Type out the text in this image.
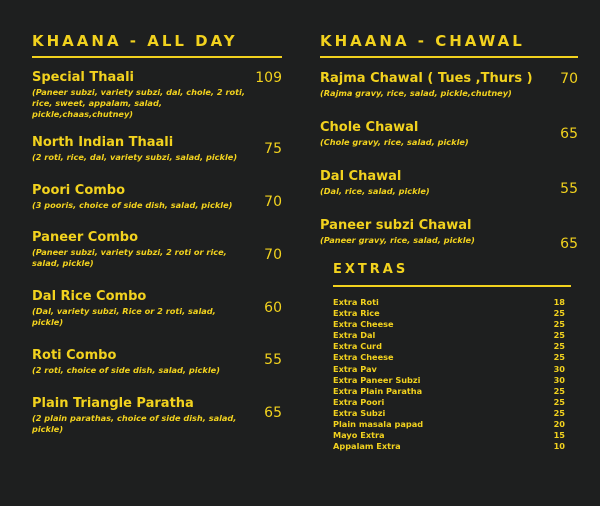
KHAANA - ALL DAY
Special Thaali
(Paneer subzi, variety subzi, dal, chole, 2 roti, rice, sweet, appalam, salad, pickle,chaas,chutney)
109
North Indian Thaali
(2 roti, rice, dal, variety subzi, salad, pickle)	75
Poori Combo
(3 pooris, choice of side dish, salad, pickle)	70
Paneer Combo
(Paneer subzi, variety subzi, 2 roti or rice, salad, pickle)	70
Dal Rice Combo
(Dal, variety subzi, Rice or 2 roti, salad, pickle)
60
Roti Combo
(2 roti, choice of side dish, salad, pickle)
55
Plain Triangle Paratha
(2 plain parathas, choice of side dish, salad, pickle)
65
KHAANA - CHAWAL
Rajma Chawal ( Tues ,Thurs )
(Rajma gravy, rice, salad, pickle,chutney)
70
Chole Chawal
(Chole gravy, rice, salad, pickle)	65
Dal Chawal
(Dal, rice, salad, pickle)	55
Paneer subzi Chawal
(Paneer gravy, rice, salad, pickle)	65
EXTRAS
Extra Roti	18
Extra Rice	25
Extra Cheese	25
Extra Dal	25
Extra Curd	25
Extra Cheese	25
Extra Pav	30
Extra Paneer Subzi	30
Extra Plain Paratha	25
Extra Poori	25
Extra Subzi	25
Plain masala papad	20
Mayo Extra	15
Appalam Extra	10
